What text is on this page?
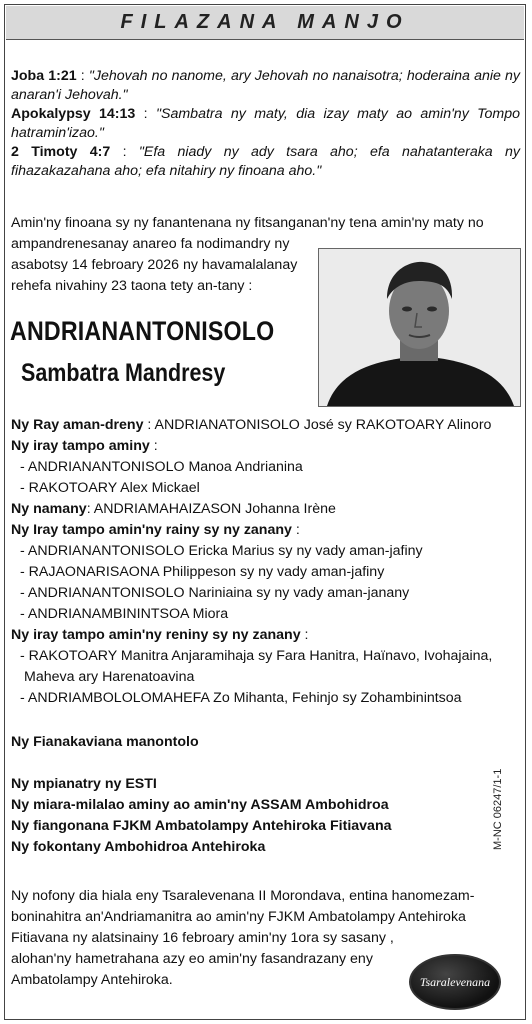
FILAZANA MANJO
Joba 1:21 : "Jehovah no nanome, ary Jehovah no nanaisotra; hoderaina anie ny anaran'i Jehovah."
Apokalypsy 14:13 : "Sambatra ny maty, dia izay maty ao amin'ny Tompo hatramin'izao."
2 Timoty 4:7 : "Efa niady ny ady tsara aho; efa nahatanteraka ny fihazakazahana aho; efa nitahiry ny finoana aho."
Amin'ny finoana sy ny fanantenana ny fitsanganan'ny tena amin'ny maty no
ampandrenesanay anareo fa nodimandry ny
asabotsy 14 febroary 2026 ny havamalalanay
rehefa nivahiny 23 taona tety an-tany :
ANDRIANANTONISOLO
Sambatra Mandresy
Ny Ray aman-dreny : ANDRIANATONISOLO José sy RAKOTOARY Alinoro
Ny iray tampo aminy :
- ANDRIANANTONISOLO Manoa Andrianina
- RAKOTOARY Alex Mickael
Ny namany: ANDRIAMAHAIZASON Johanna Irène
Ny Iray tampo amin'ny rainy sy ny zanany :
- ANDRIANANTONISOLO Ericka Marius sy ny vady aman-jafiny
- RAJAONARISAONA Philippeson sy ny vady aman-jafiny
- ANDRIANANTONISOLO Nariniaina sy ny vady aman-janany
- ANDRIANAMBININTSOA Miora
Ny iray tampo amin'ny reniny sy ny zanany :
- RAKOTOARY Manitra Anjaramihaja sy Fara Hanitra, Haïnavo, Ivohajaina,
Maheva ary Harenatoavina
- ANDRIAMBOLOLOMAHEFA Zo Mihanta, Fehinjo sy Zohambinintsoa
Ny Fianakaviana manontolo
Ny mpianatry ny ESTI
Ny miara-milalao aminy ao amin'ny ASSAM Ambohidroa
Ny fiangonana FJKM Ambatolampy Antehiroka Fitiavana
Ny fokontany Ambohidroa Antehiroka	M-NC 06247/1-1
Ny nofony dia hiala eny Tsaralevenana II Morondava, entina hanomezam-
boninahitra an'Andriamanitra ao amin'ny FJKM Ambatolampy Antehiroka
Fitiavana ny alatsinainy 16 febroary amin'ny 1ora sy sasany ,
alohan'ny hametrahana azy eo amin'ny fasandrazany eny
Ambatolampy Antehiroka.	Tsaralevenana
